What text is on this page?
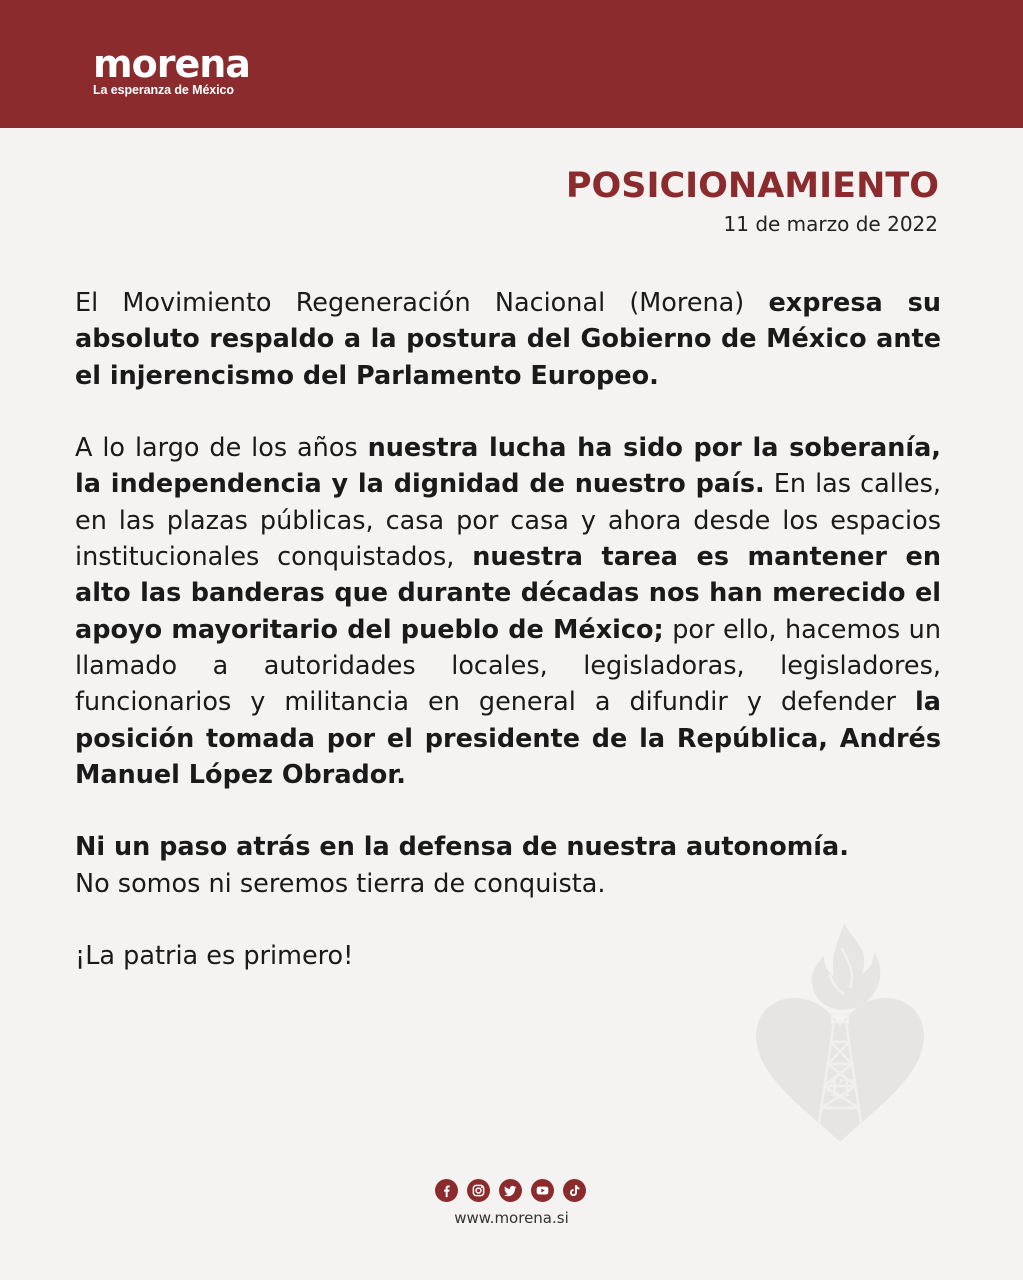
morena
La esperanza de México
POSICIONAMIENTO
11 de marzo de 2022

El Movimiento Regeneración Nacional (Morena) expresa su absoluto respaldo a la postura del Gobierno de México ante el injerencismo del Parlamento Europeo.

A lo largo de los años nuestra lucha ha sido por la soberanía, la independencia y la dignidad de nuestro país. En las calles, en las plazas públicas, casa por casa y ahora desde los espacios institucionales conquistados, nuestra tarea es mantener en alto las banderas que durante décadas nos han merecido el apoyo mayoritario del pueblo de México; por ello, hacemos un llamado a autoridades locales, legisladoras, legisladores, funcionarios y militancia en general a difundir y defender la posición tomada por el presidente de la República, Andrés Manuel López Obrador.

Ni un paso atrás en la defensa de nuestra autonomía.
No somos ni seremos tierra de conquista.

¡La patria es primero!

4T
www.morena.si
